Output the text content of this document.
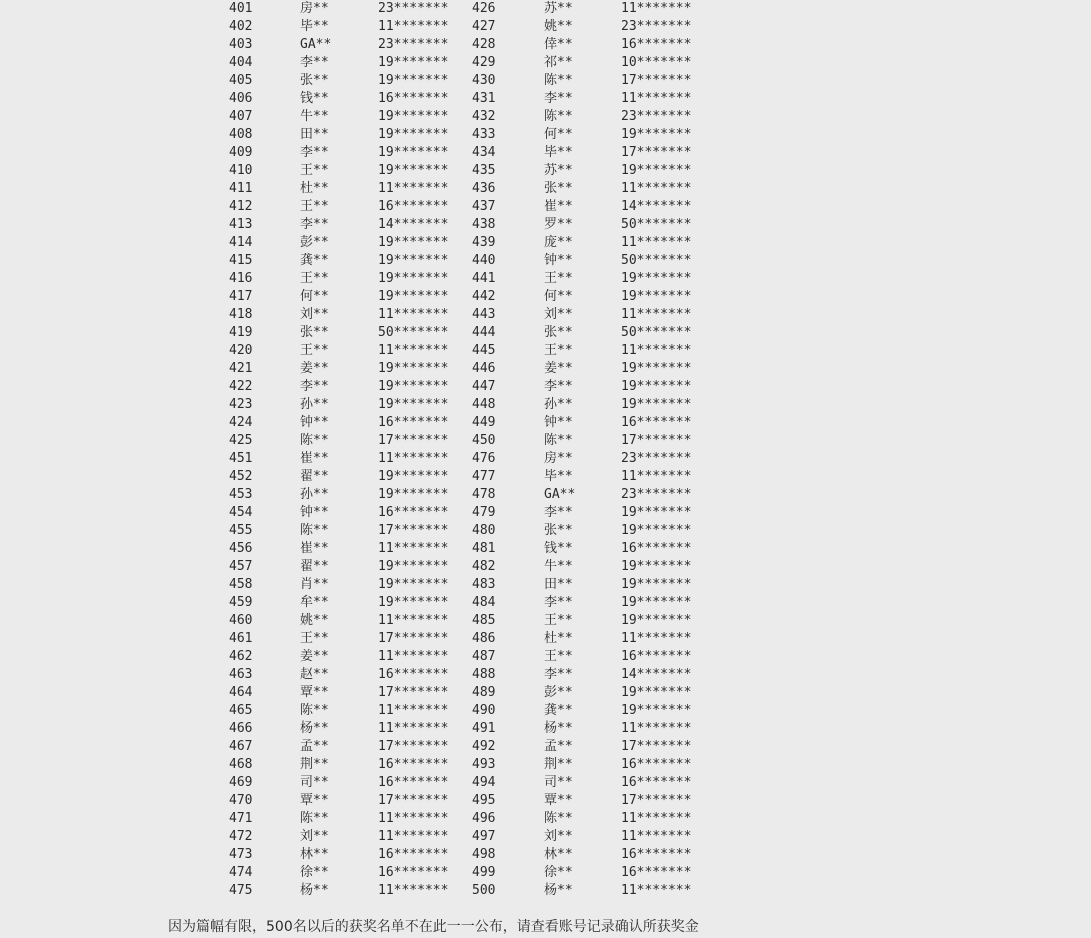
401	房**	23******* 426	苏**	11*******
402	毕**	11******* 427	姚**	23*******
403	GA**	23******* 428	倖**	16*******
404	李**	19******* 429	祁**	10*******
405	张**	19******* 430	陈**	17*******
406	钱**	16******* 431	李**	11*******
407	牛**	19******* 432	陈**	23*******
408	田**	19******* 433	何**	19*******
409	李**	19******* 434	毕**	17*******
410	王**	19******* 435	苏**	19*******
411	杜**	11******* 436	张**	11*******
412	王**	16******* 437	崔**	14*******
413	李**	14******* 438	罗**	50*******
414	彭**	19******* 439	庞**	11*******
415	龚**	19******* 440	钟**	50*******
416	王**	19******* 441	王**	19*******
417	何**	19******* 442	何**	19*******
418	刘**	11******* 443	刘**	11*******
419	张**	50******* 444	张**	50*******
420	王**	11******* 445	王**	11*******
421	姜**	19******* 446	姜**	19*******
422	李**	19******* 447	李**	19*******
423	孙**	19******* 448	孙**	19*******
424	钟**	16******* 449	钟**	16*******
425	陈**	17******* 450	陈**	17*******
451	崔**	11******* 476	房**	23*******
452	翟**	19******* 477	毕**	11*******
453	孙**	19******* 478	GA**	23*******
454	钟**	16******* 479	李**	19*******
455	陈**	17******* 480	张**	19*******
456	崔**	11******* 481	钱**	16*******
457	翟**	19******* 482	牛**	19*******
458	肖**	19******* 483	田**	19*******
459	牟**	19******* 484	李**	19*******
460	姚**	11******* 485	王**	19*******
461	王**	17******* 486	杜**	11*******
462	姜**	11******* 487	王**	16*******
463	赵**	16******* 488	李**	14*******
464	覃**	17******* 489	彭**	19*******
465	陈**	11******* 490	龚**	19*******
466	杨**	11******* 491	杨**	11*******
467	孟**	17******* 492	孟**	17*******
468	荆**	16******* 493	荆**	16*******
469	司**	16******* 494	司**	16*******
470	覃**	17******* 495	覃**	17*******
471	陈**	11******* 496	陈**	11*******
472	刘**	11******* 497	刘**	11*******
473	林**	16******* 498	林**	16*******
474	徐**	16******* 499	徐**	16*******
475	杨**	11******* 500	杨**	11*******
因为篇幅有限，500名以后的获奖名单不在此一一公布，请查看账号记录确认所获奖金
